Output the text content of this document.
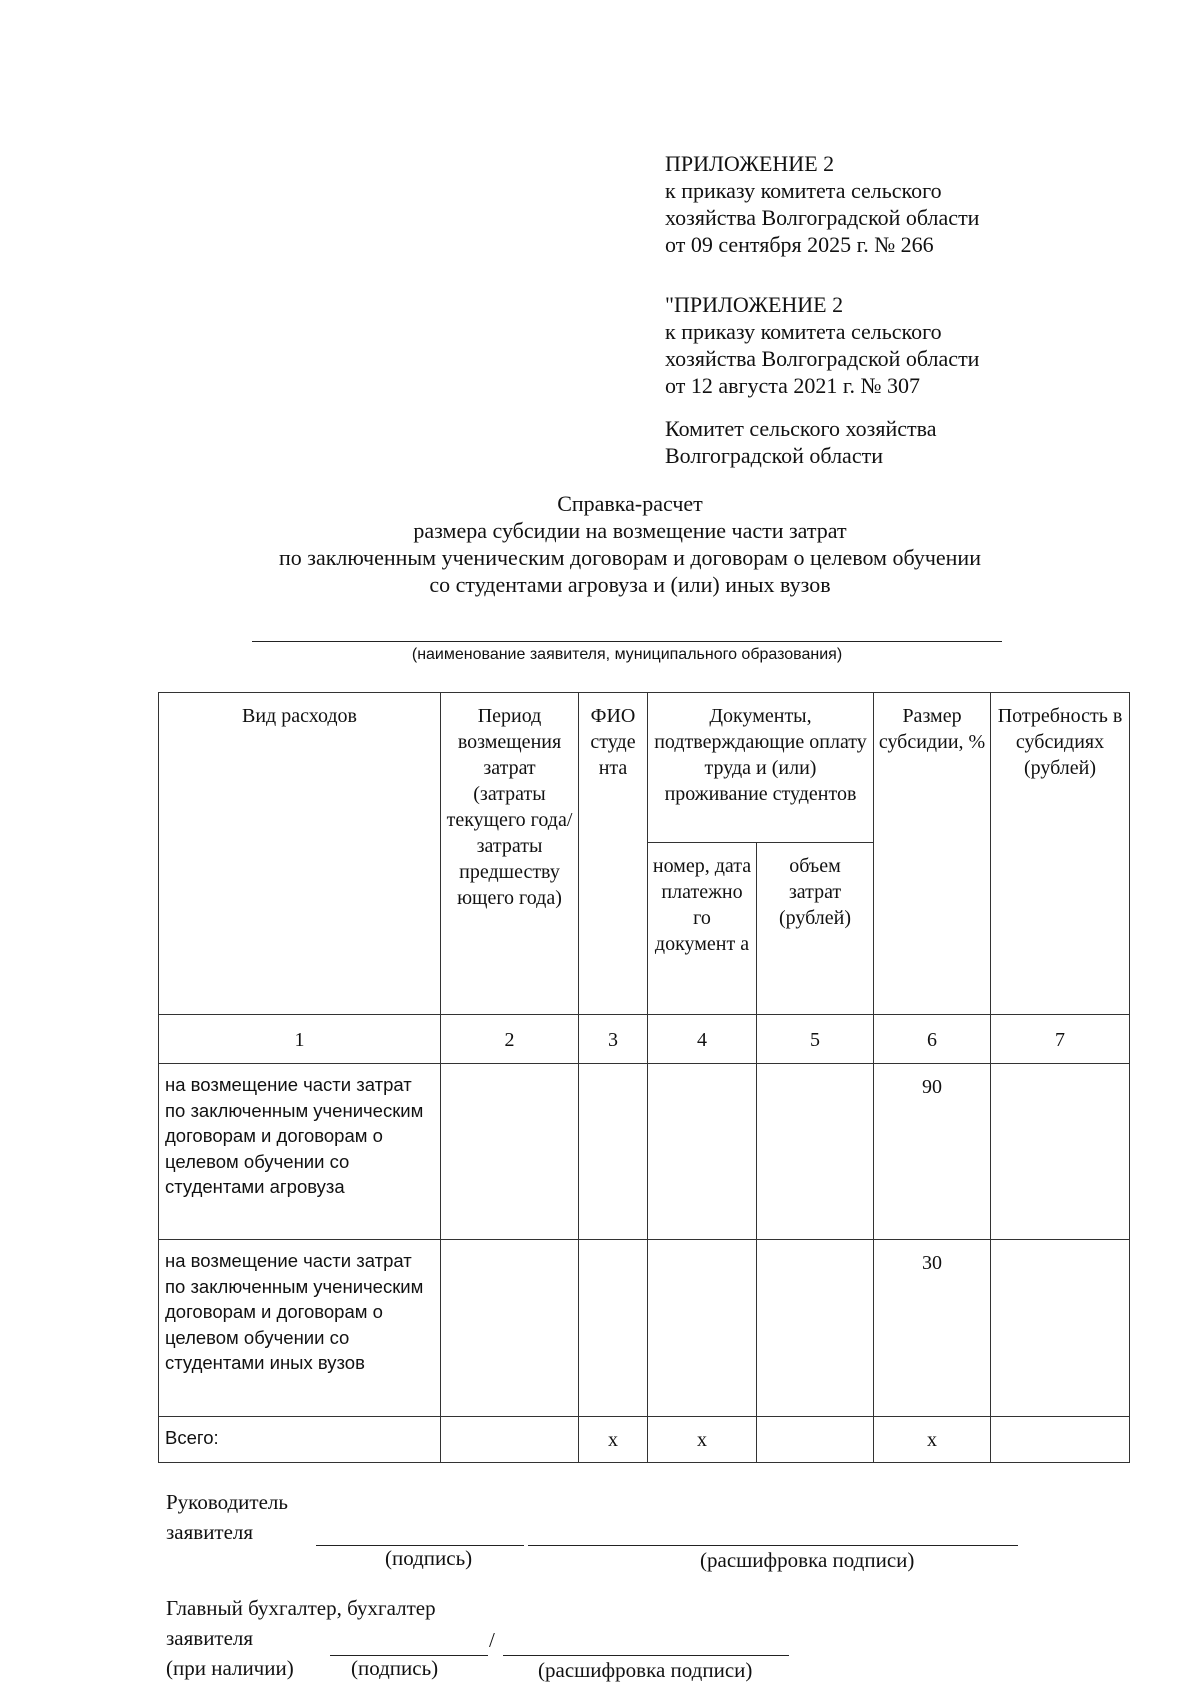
ПРИЛОЖЕНИЕ 2
к приказу комитета сельского
хозяйства Волгоградской области
от 09 сентября 2025 г. № 266
"ПРИЛОЖЕНИЕ 2
к приказу комитета сельского
хозяйства Волгоградской области
от 12 августа 2021 г. № 307
Комитет сельского хозяйства
Волгоградской области
Справка-расчет
размера субсидии на возмещение части затрат
по заключенным ученическим договорам и договорам о целевом обучении
со студентами агровуза и (или) иных вузов
(наименование заявителя, муниципального образования)
Вид расходов	Период возмещения затрат (затраты текущего года/затраты предшеству ющего года)	ФИО студе нта	Документы, подтверждающие оплату труда и (или) проживание студентов		Размер субсидии, %	Потребность в субсидиях (рублей)
			номер, дата платежно го документ а	объем затрат (рублей)		
1	2	3	4	5	6	7
на возмещение части затрат по заключенным ученическим договорам и договорам о целевом обучении со студентами агровуза					90	
на возмещение части затрат по заключенным ученическим договорам и договорам о целевом обучении со студентами иных вузов					30	
Всего:		x	x		x	
Руководитель
заявителя
(подпись)	(расшифровка подписи)
Главный бухгалтер, бухгалтер
заявителя
(при наличии)
/
(подпись)	(расшифровка подписи)
